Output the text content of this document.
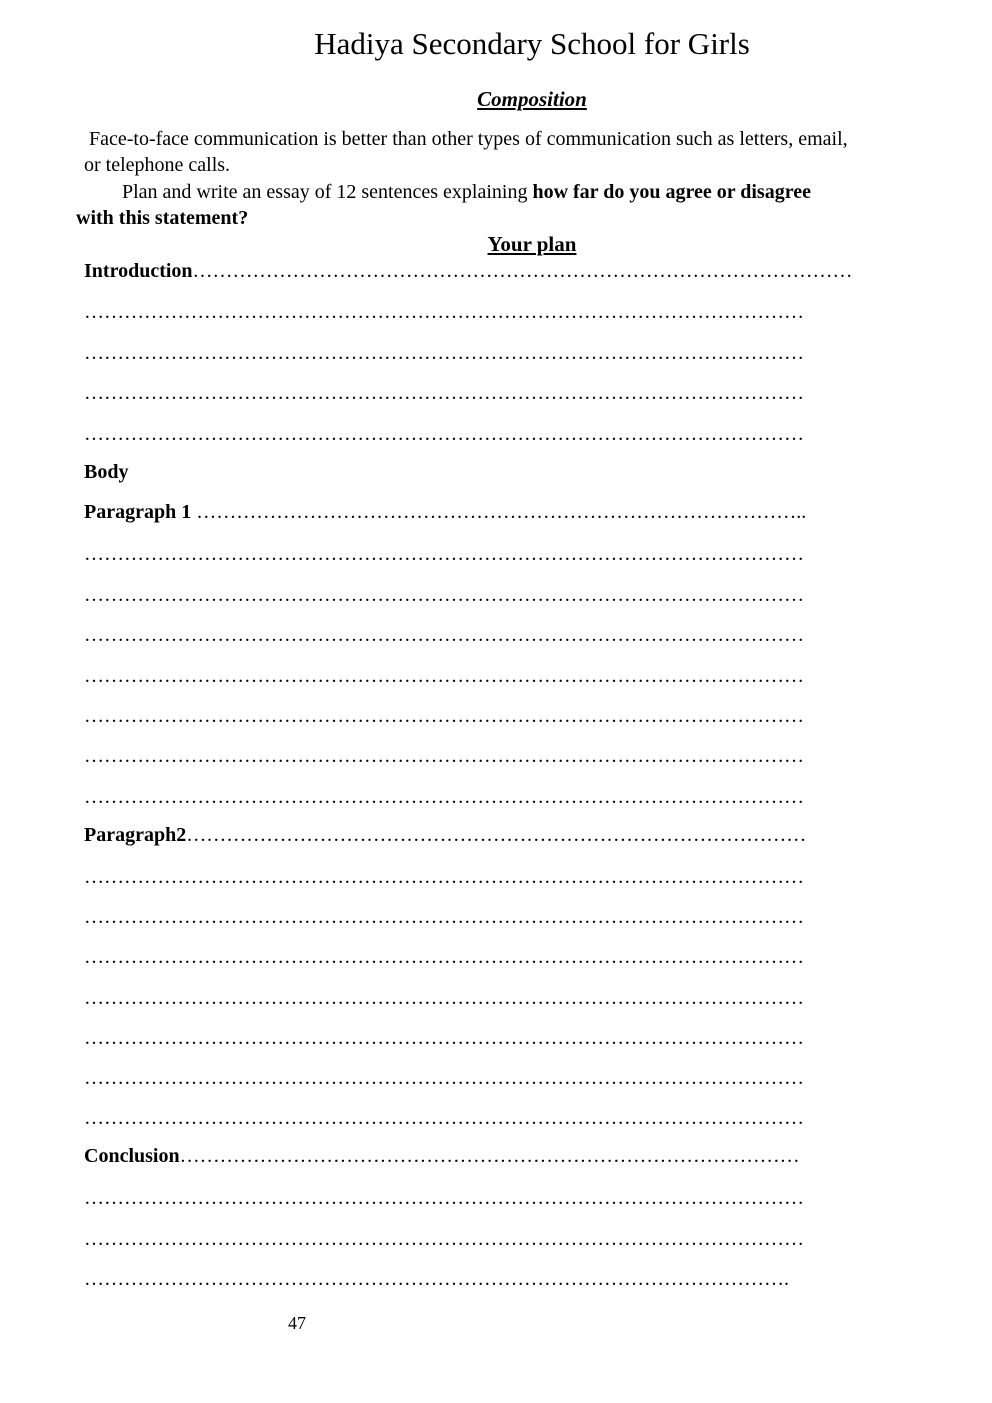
Hadiya Secondary School for Girls
Composition
Face-to-face communication is better than other types of communication such as letters, email,
or telephone calls.
Plan and write an essay of 12 sentences explaining how far do you agree or disagree
with this statement?
Your plan
Introduction………………………………………………………………………………………
………………………………………………………………………………………………
………………………………………………………………………………………………
………………………………………………………………………………………………
………………………………………………………………………………………………
Body
Paragraph 1 ………………………………………………………………………………..
………………………………………………………………………………………………
………………………………………………………………………………………………
………………………………………………………………………………………………
………………………………………………………………………………………………
………………………………………………………………………………………………
………………………………………………………………………………………………
………………………………………………………………………………………………
Paragraph2…………………………………………………………………………………
………………………………………………………………………………………………
………………………………………………………………………………………………
………………………………………………………………………………………………
………………………………………………………………………………………………
………………………………………………………………………………………………
………………………………………………………………………………………………
………………………………………………………………………………………………
Conclusion…………………………………………………………………………………
………………………………………………………………………………………………
………………………………………………………………………………………………
…………………………………………………………………………………………….
47
